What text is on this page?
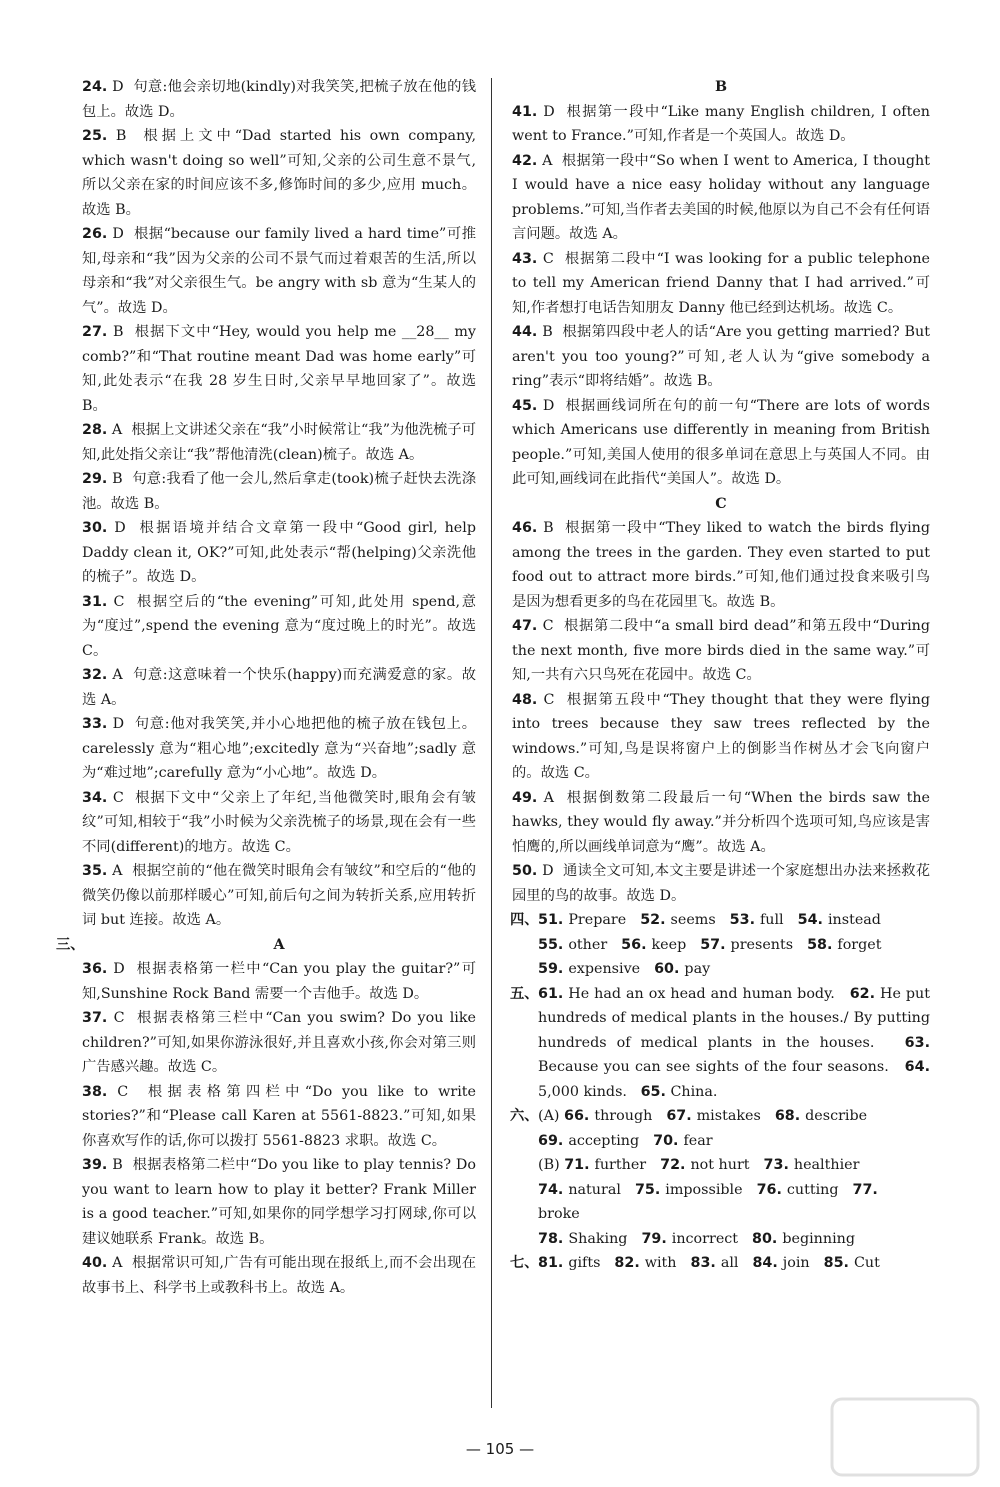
24. D  句意:他会亲切地(kindly)对我笑笑,把梳子放在他的钱包上。故选 D。

25. B  根据上文中“Dad started his own company, which wasn't doing so well”可知,父亲的公司生意不景气,所以父亲在家的时间应该不多,修饰时间的多少,应用 much。故选 B。

26. D  根据“because our family lived a hard time”可推知,母亲和“我”因为父亲的公司不景气而过着艰苦的生活,所以母亲和“我”对父亲很生气。be angry with sb 意为“生某人的气”。故选 D。

27. B  根据下文中“Hey, would you help me __28__ my comb?”和“That routine meant Dad was home early”可知,此处表示“在我 28 岁生日时,父亲早早地回家了”。故选 B。

28. A  根据上文讲述父亲在“我”小时候常让“我”为他洗梳子可知,此处指父亲让“我”帮他清洗(clean)梳子。故选 A。

29. B  句意:我看了他一会儿,然后拿走(took)梳子赶快去洗涤池。故选 B。

30. D  根据语境并结合文章第一段中“Good girl, help Daddy clean it, OK?”可知,此处表示“帮(helping)父亲洗他的梳子”。故选 D。

31. C  根据空后的“the evening”可知,此处用 spend,意为“度过”,spend the evening 意为“度过晚上的时光”。故选 C。

32. A  句意:这意味着一个快乐(happy)而充满爱意的家。故选 A。

33. D  句意:他对我笑笑,并小心地把他的梳子放在钱包上。carelessly 意为“粗心地”;excitedly 意为“兴奋地”;sadly 意为“难过地”;carefully 意为“小心地”。故选 D。

34. C  根据下文中“父亲上了年纪,当他微笑时,眼角会有皱纹”可知,相较于“我”小时候为父亲洗梳子的场景,现在会有一些不同(different)的地方。故选 C。

35. A  根据空前的“他在微笑时眼角会有皱纹”和空后的“他的微笑仍像以前那样暖心”可知,前后句之间为转折关系,应用转折词 but 连接。故选 A。

三、	A

36. D  根据表格第一栏中“Can you play the guitar?”可知,Sunshine Rock Band 需要一个吉他手。故选 D。

37. C  根据表格第三栏中“Can you swim? Do you like children?”可知,如果你游泳很好,并且喜欢小孩,你会对第三则广告感兴趣。故选 C。

38. C  根据表格第四栏中“Do you like to write stories?”和“Please call Karen at 5561-8823.”可知,如果你喜欢写作的话,你可以拨打 5561-8823 求职。故选 C。

39. B  根据表格第二栏中“Do you like to play tennis? Do you want to learn how to play it better? Frank Miller is a good teacher.”可知,如果你的同学想学习打网球,你可以建议她联系 Frank。故选 B。

40. A  根据常识可知,广告有可能出现在报纸上,而不会出现在故事书上、科学书上或教科书上。故选 A。

B

41. D  根据第一段中“Like many English children, I often went to France.”可知,作者是一个英国人。故选 D。

42. A  根据第一段中“So when I went to America, I thought I would have a nice easy holiday without any language problems.”可知,当作者去美国的时候,他原以为自己不会有任何语言问题。故选 A。

43. C  根据第二段中“I was looking for a public telephone to tell my American friend Danny that I had arrived.”可知,作者想打电话告知朋友 Danny 他已经到达机场。故选 C。

44. B  根据第四段中老人的话“Are you getting married? But aren't you too young?”可知,老人认为“give somebody a ring”表示“即将结婚”。故选 B。

45. D  根据画线词所在句的前一句“There are lots of words which Americans use differently in meaning from British people.”可知,美国人使用的很多单词在意思上与英国人不同。由此可知,画线词在此指代“美国人”。故选 D。

C

46. B  根据第一段中“They liked to watch the birds flying among the trees in the garden. They even started to put food out to attract more birds.”可知,他们通过投食来吸引鸟是因为想看更多的鸟在花园里飞。故选 B。

47. C  根据第二段中“a small bird dead”和第五段中“During the next month, five more birds died in the same way.”可知,一共有六只鸟死在花园中。故选 C。

48. C  根据第五段中“They thought that they were flying into trees because they saw trees reflected by the windows.”可知,鸟是误将窗户上的倒影当作树丛才会飞向窗户的。故选 C。

49. A  根据倒数第二段最后一句“When the birds saw the hawks, they would fly away.”并分析四个选项可知,鸟应该是害怕鹰的,所以画线单词意为“鹰”。故选 A。

50. D  通读全文可知,本文主要是讲述一个家庭想出办法来拯救花园里的鸟的故事。故选 D。

四、 51. Prepare 52. seems 53. full 54. instead

55. other 56. keep 57. presents 58. forget

59. expensive 60. pay

五、 61. He had an ox head and human body.   62. He put hundreds of medical plants in the houses./ By putting hundreds of medical plants in the houses.   63. Because you can see sights of the four seasons.   64. 5,000 kinds.   65. China.

六、 (A) 66. through 67. mistakes 68. describe

69. accepting 70. fear

(B) 71. further 72. not hurt 73. healthier

74. natural 75. impossible 76. cutting 77. broke

78. Shaking 79. incorrect 80. beginning

七、 81. gifts 82. with 83. all 84. join 85. Cut

— 105 —
